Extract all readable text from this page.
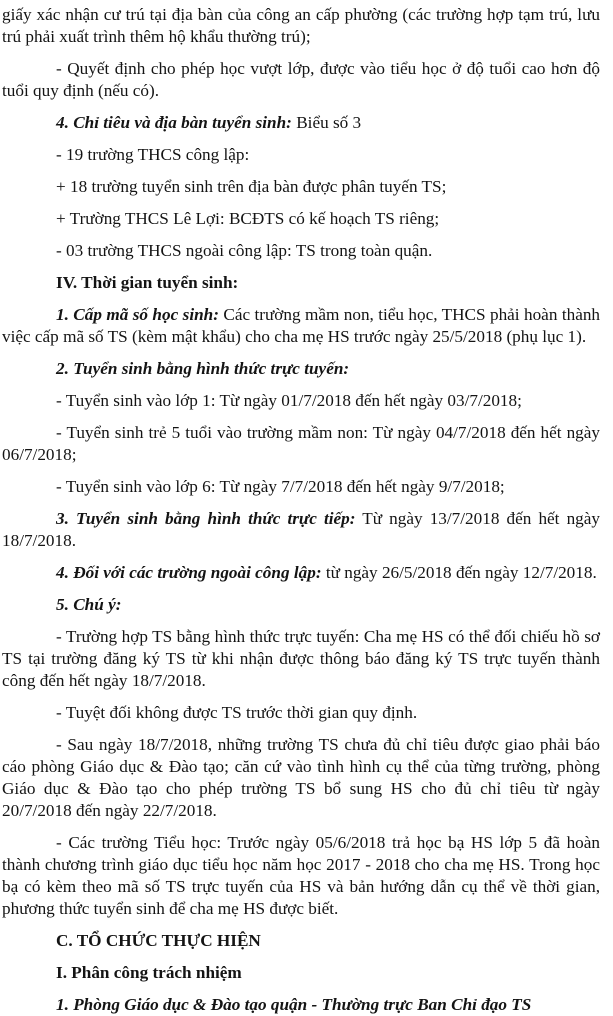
giấy xác nhận cư trú tại địa bàn của công an cấp phường (các trường hợp tạm trú, lưu trú phải xuất trình thêm hộ khẩu thường trú);

- Quyết định cho phép học vượt lớp, được vào tiểu học ở độ tuổi cao hơn độ tuổi quy định (nếu có).

4. Chỉ tiêu và địa bàn tuyển sinh: Biểu số 3

- 19 trường THCS công lập:

+ 18 trường tuyển sinh trên địa bàn được phân tuyến TS;

+ Trường THCS Lê Lợi: BCĐTS có kế hoạch TS riêng;

- 03 trường THCS ngoài công lập: TS trong toàn quận.

IV. Thời gian tuyển sinh:

1. Cấp mã số học sinh: Các trường mầm non, tiểu học, THCS phải hoàn thành việc cấp mã số TS (kèm mật khẩu) cho cha mẹ HS trước ngày 25/5/2018 (phụ lục 1).

2. Tuyển sinh bằng hình thức trực tuyến:

- Tuyển sinh vào lớp 1: Từ ngày 01/7/2018 đến hết ngày 03/7/2018;

- Tuyển sinh trẻ 5 tuổi vào trường mầm non: Từ ngày 04/7/2018 đến hết ngày 06/7/2018;

- Tuyển sinh vào lớp 6: Từ ngày 7/7/2018 đến hết ngày 9/7/2018;

3. Tuyển sinh bằng hình thức trực tiếp: Từ ngày 13/7/2018 đến hết ngày 18/7/2018.

4. Đối với các trường ngoài công lập: từ ngày 26/5/2018 đến ngày 12/7/2018.

5. Chú ý:

- Trường hợp TS bằng hình thức trực tuyến: Cha mẹ HS có thể đối chiếu hồ sơ TS tại trường đăng ký TS từ khi nhận được thông báo đăng ký TS trực tuyến thành công đến hết ngày 18/7/2018.

- Tuyệt đối không được TS trước thời gian quy định.

- Sau ngày 18/7/2018, những trường TS chưa đủ chỉ tiêu được giao phải báo cáo phòng Giáo dục & Đào tạo; căn cứ vào tình hình cụ thể của từng trường, phòng Giáo dục & Đào tạo cho phép trường TS bổ sung HS cho đủ chỉ tiêu từ ngày 20/7/2018 đến ngày 22/7/2018.

- Các trường Tiểu học: Trước ngày 05/6/2018 trả học bạ HS lớp 5 đã hoàn thành chương trình giáo dục tiểu học năm học 2017 - 2018 cho cha mẹ HS. Trong học bạ có kèm theo mã số TS trực tuyến của HS và bản hướng dẫn cụ thể về thời gian, phương thức tuyển sinh để cha mẹ HS được biết.

C. TỔ CHỨC THỰC HIỆN

I. Phân công trách nhiệm

1. Phòng Giáo dục & Đào tạo quận - Thường trực Ban Chỉ đạo TS
